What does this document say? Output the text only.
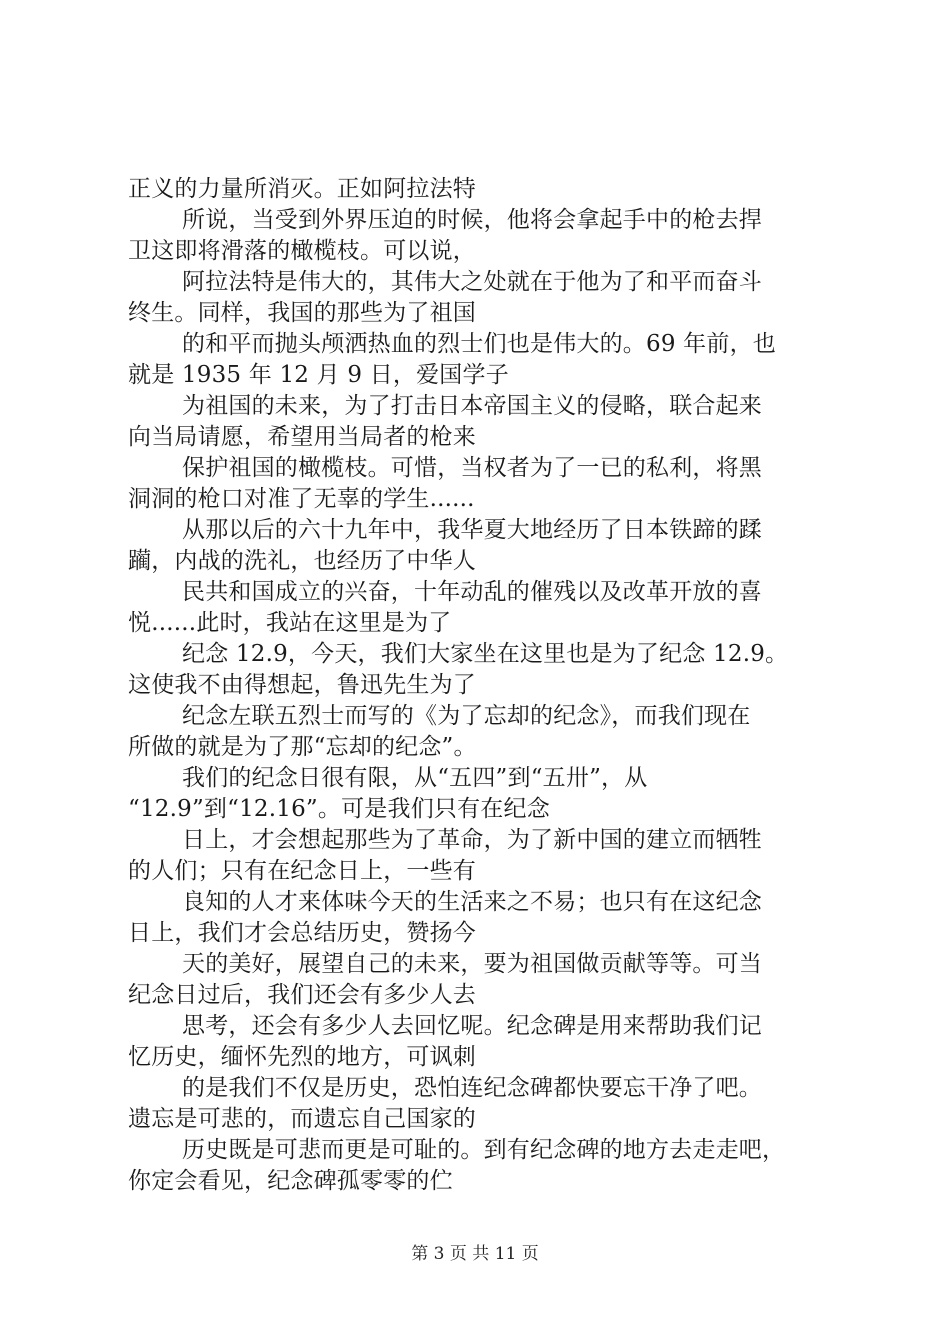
正义的力量所消灭。正如阿拉法特
所说，当受到外界压迫的时候，他将会拿起手中的枪去捍
卫这即将滑落的橄榄枝。可以说，
阿拉法特是伟大的，其伟大之处就在于他为了和平而奋斗
终生。同样，我国的那些为了祖国
的和平而抛头颅洒热血的烈士们也是伟大的。69 年前，也
就是 1935 年 12 月 9 日，爱国学子
为祖国的未来，为了打击日本帝国主义的侵略，联合起来
向当局请愿，希望用当局者的枪来
保护祖国的橄榄枝。可惜，当权者为了一已的私利，将黑
洞洞的枪口对准了无辜的学生......
从那以后的六十九年中，我华夏大地经历了日本铁蹄的蹂
躏，内战的洗礼，也经历了中华人
民共和国成立的兴奋，十年动乱的催残以及改革开放的喜
悦......此时，我站在这里是为了
纪念 12.9，今天，我们大家坐在这里也是为了纪念 12.9。
这使我不由得想起，鲁迅先生为了
纪念左联五烈士而写的《为了忘却的纪念》，而我们现在
所做的就是为了那“忘却的纪念”。
我们的纪念日很有限，从“五四”到“五卅”，从
“12.9”到“12.16”。可是我们只有在纪念
日上，才会想起那些为了革命，为了新中国的建立而牺牲
的人们；只有在纪念日上，一些有
良知的人才来体味今天的生活来之不易；也只有在这纪念
日上，我们才会总结历史，赞扬今
天的美好，展望自己的未来，要为祖国做贡献等等。可当
纪念日过后，我们还会有多少人去
思考，还会有多少人去回忆呢。纪念碑是用来帮助我们记
忆历史，缅怀先烈的地方，可讽刺
的是我们不仅是历史，恐怕连纪念碑都快要忘干净了吧。
遗忘是可悲的，而遗忘自己国家的
历史既是可悲而更是可耻的。到有纪念碑的地方去走走吧，
你定会看见，纪念碑孤零零的伫
第 3 页 共 11 页
